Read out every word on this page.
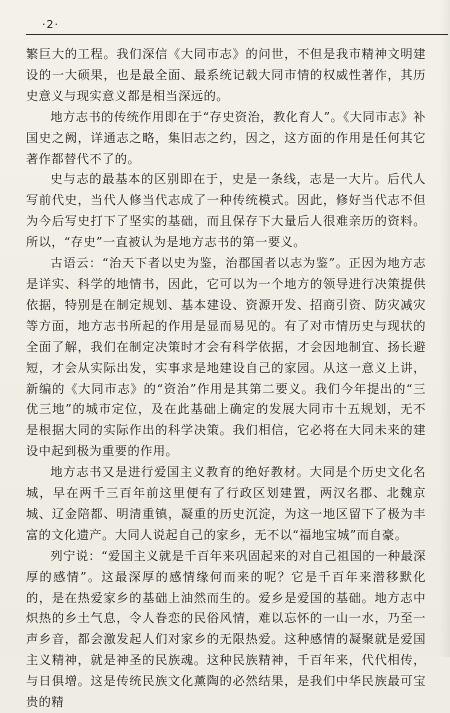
·2·

繁巨大的工程。我们深信《大同市志》的问世，不但是我市精神文明建设的一大硕果，也是最全面、最系统记载大同市情的权威性著作，其历史意义与现实意义都是相当深远的。

地方志书的传统作用即在于“存史资治，教化育人”。《大同市志》补国史之阙，详通志之略，集旧志之约，因之，这方面的作用是任何其它著作都替代不了的。

史与志的最基本的区别即在于，史是一条线，志是一大片。后代人写前代史，当代人修当代志成了一种传统模式。因此，修好当代志不但为今后写史打下了坚实的基础，而且保存下大量后人很难亲历的资料。所以，“存史”一直被认为是地方志书的第一要义。

古语云：“治天下者以史为鉴，治郡国者以志为鉴”。正因为地方志是详实、科学的地情书，因此，它可以为一个地方的领导进行决策提供依据，特别是在制定规划、基本建设、资源开发、招商引资、防灾减灾等方面，地方志书所起的作用是显而易见的。有了对市情历史与现状的全面了解，我们在制定决策时才会有科学依据，才会因地制宜、扬长避短，才会从实际出发，实事求是地建设自己的家园。从这一意义上讲，新编的《大同市志》的“资治”作用是其第二要义。我们今年提出的“三优三地”的城市定位，及在此基础上确定的发展大同市十五规划，无不是根据大同的实际作出的科学决策。我们相信，它必将在大同未来的建设中起到极为重要的作用。

地方志书又是进行爱国主义教育的绝好教材。大同是个历史文化名城，早在两千三百年前这里便有了行政区划建置，两汉名郡、北魏京城、辽金陪都、明清重镇，凝重的历史沉淀，为这一地区留下了极为丰富的文化遗产。大同人说起自己的家乡，无不以“福地宝城”而自豪。

列宁说：“爱国主义就是千百年来巩固起来的对自己祖国的一种最深厚的感情”。这最深厚的感情缘何而来的呢？它是千百年来潜移默化的，是在热爱家乡的基础上油然而生的。爱乡是爱国的基础。地方志中炽热的乡土气息，令人眷恋的民俗风情，难以忘怀的一山一水，乃至一声乡音，都会激发起人们对家乡的无限热爱。这种感情的凝聚就是爱国主义精神，就是神圣的民族魂。这种民族精神，千百年来，代代相传，与日俱增。这是传统民族文化薰陶的必然结果，是我们中华民族最可宝贵的精
